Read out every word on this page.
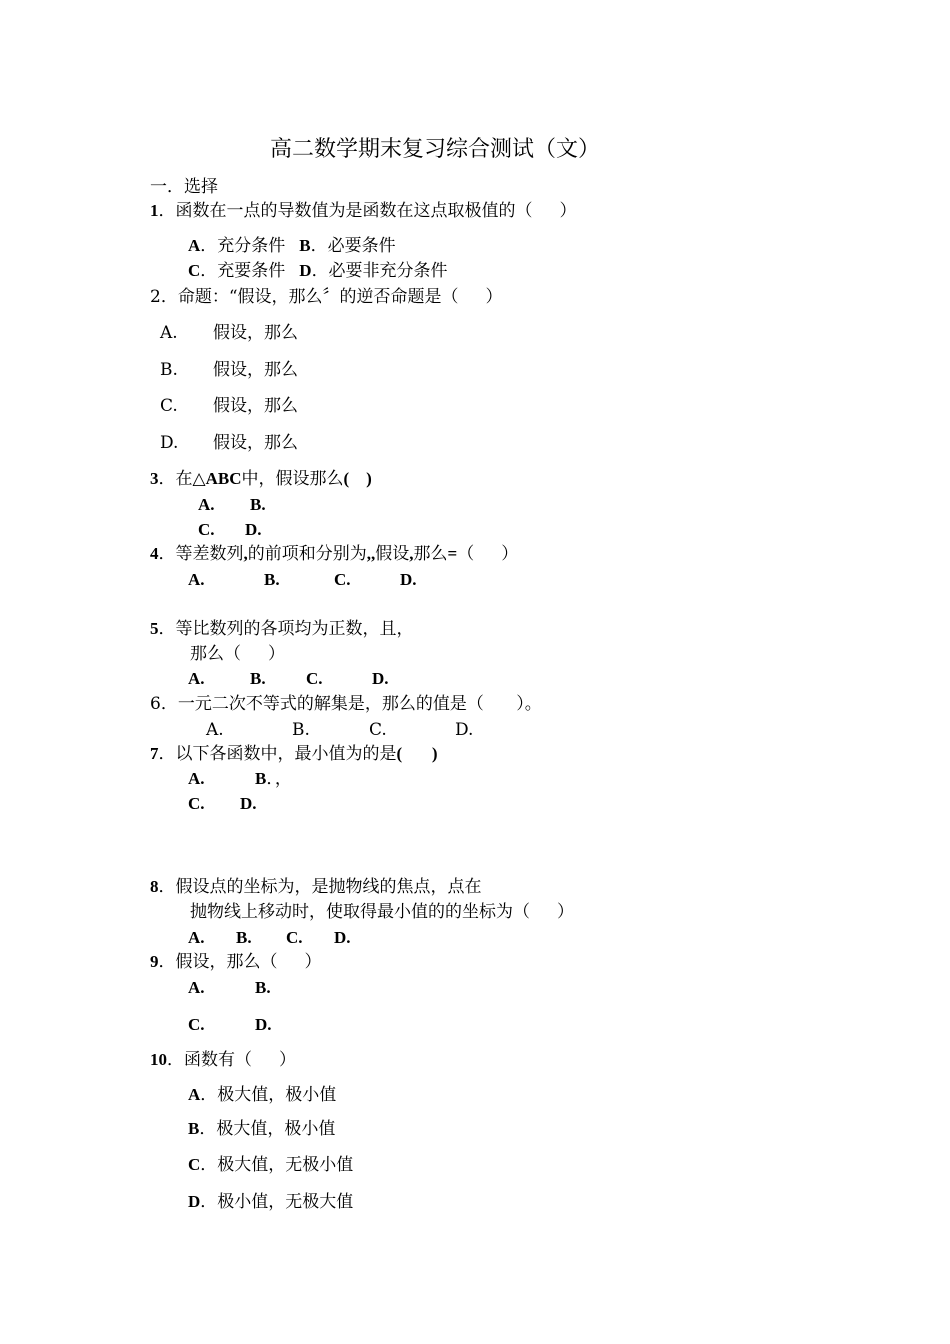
高二数学期末复习综合测试（文）
一．选择
1．函数在一点的导数值为是函数在这点取极值的（     ）
A．充分条件 B．必要条件
C．充要条件 D．必要非充分条件
2．命题：“假设，那么〞的逆否命题是（     ）
A. 假设，那么
B. 假设，那么
C. 假设，那么
D. 假设，那么
3．在△ABC中，假设那么(    )
A. B.
C. D.
4．等差数列,的前项和分别为,,假设,那么=（     ）
A.	B.	C.	D.
5．等比数列的各项均为正数，且，
那么（     ）
A.	B. C.	D.
6．一元二次不等式的解集是，那么的值是（      ）。
A.	B.	C.	D.
7．以下各函数中，最小值为的是(       )
A.	B．，
C. D.
8．假设点的坐标为，是抛物线的焦点，点在
抛物线上移动时，使取得最小值的的坐标为（     ）
A. B. C. D.
9．假设，那么（     ）
A.	B.
C.	D.
10．函数有（     ）
A．极大值，极小值
B．极大值，极小值
C．极大值，无极小值
D．极小值，无极大值
